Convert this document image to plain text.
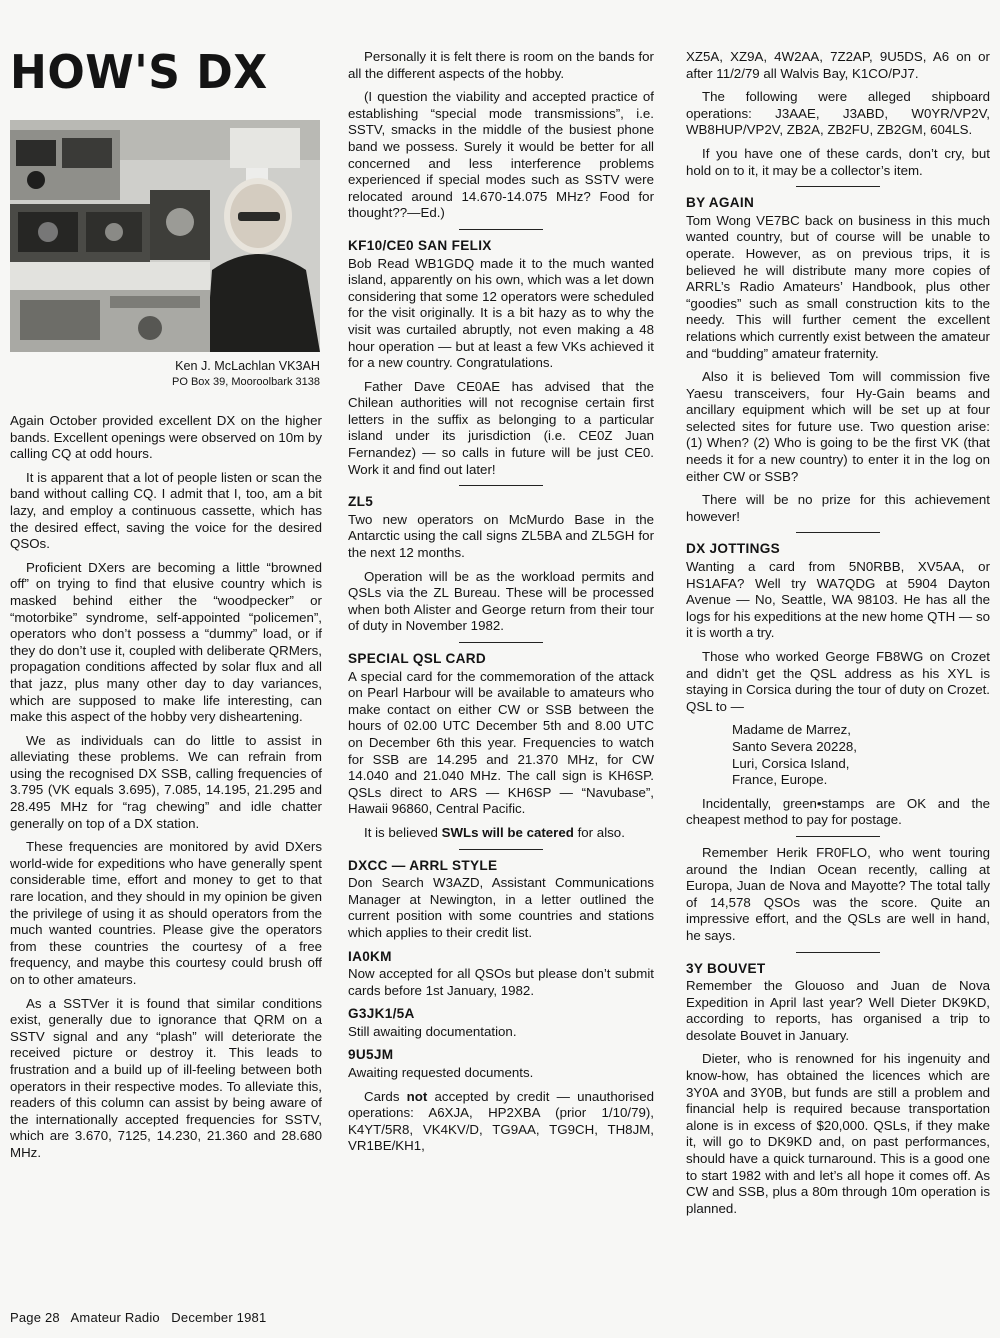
HOW'S DX
Ken J. McLachlan VK3AH
PO Box 39, Mooroolbark 3138

Again October provided excellent DX on the higher bands. Excellent openings were observed on 10m by calling CQ at odd hours.

It is apparent that a lot of people listen or scan the band without calling CQ. I admit that I, too, am a bit lazy, and employ a continuous cassette, which has the desired effect, saving the voice for the desired QSOs.

Proficient DXers are becoming a little “browned off” on trying to find that elusive country which is masked behind either the “woodpecker” or “motorbike” syndrome, self-appointed “policemen”, operators who don’t possess a “dummy” load, or if they do don’t use it, coupled with deliberate QRMers, propagation conditions affected by solar flux and all that jazz, plus many other day to day variances, which are supposed to make life interesting, can make this aspect of the hobby very disheartening.

We as individuals can do little to assist in alleviating these problems. We can refrain from using the recognised DX SSB, calling frequencies of 3.795 (VK equals 3.695), 7.085, 14.195, 21.295 and 28.495 MHz for “rag chewing” and idle chatter generally on top of a DX station.

These frequencies are monitored by avid DXers world-wide for expeditions who have generally spent considerable time, effort and money to get to that rare location, and they should in my opinion be given the privilege of using it as should operators from the much wanted countries. Please give the operators from these countries the courtesy of a free frequency, and maybe this courtesy could brush off on to other amateurs.

As a SSTVer it is found that similar conditions exist, generally due to ignorance that QRM on a SSTV signal and any “plash” will deteriorate the received picture or destroy it. This leads to frustration and a build up of ill-feeling between both operators in their respective modes. To alleviate this, readers of this column can assist by being aware of the internationally accepted frequencies for SSTV, which are 3.670, 7125, 14.230, 21.360 and 28.680 MHz.

Personally it is felt there is room on the bands for all the different aspects of the hobby.

(I question the viability and accepted practice of establishing “special mode transmissions”, i.e. SSTV, smacks in the middle of the busiest phone band we possess. Surely it would be better for all concerned and less interference problems experienced if special modes such as SSTV were relocated around 14.670-14.075 MHz? Food for thought??—Ed.)

KF10/CE0 SAN FELIX

Bob Read WB1GDQ made it to the much wanted island, apparently on his own, which was a let down considering that some 12 operators were scheduled for the visit originally. It is a bit hazy as to why the visit was curtailed abruptly, not even making a 48 hour operation — but at least a few VKs achieved it for a new country. Congratulations.

Father Dave CE0AE has advised that the Chilean authorities will not recognise certain first letters in the suffix as belonging to a particular island under its jurisdiction (i.e. CE0Z Juan Fernandez) — so calls in future will be just CE0. Work it and find out later!

ZL5

Two new operators on McMurdo Base in the Antarctic using the call signs ZL5BA and ZL5GH for the next 12 months.

Operation will be as the workload permits and QSLs via the ZL Bureau. These will be processed when both Alister and George return from their tour of duty in November 1982.

SPECIAL QSL CARD

A special card for the commemoration of the attack on Pearl Harbour will be available to amateurs who make contact on either CW or SSB between the hours of 02.00 UTC December 5th and 8.00 UTC on December 6th this year. Frequencies to watch for SSB are 14.295 and 21.370 MHz, for CW 14.040 and 21.040 MHz. The call sign is KH6SP. QSLs direct to ARS — KH6SP — “Navubase”, Hawaii 96860, Central Pacific.

It is believed SWLs will be catered for also.

DXCC — ARRL STYLE

Don Search W3AZD, Assistant Communications Manager at Newington, in a letter outlined the current position with some countries and stations which applies to their credit list.

IA0KM

Now accepted for all QSOs but please don’t submit cards before 1st January, 1982.

G3JK1/5A

Still awaiting documentation.

9U5JM

Awaiting requested documents.

Cards not accepted by credit — unauthorised operations: A6XJA, HP2XBA (prior 1/10/79), K4YT/5R8, VK4KV/D, TG9AA, TG9CH, TH8JM, VR1BE/KH1,

XZ5A, XZ9A, 4W2AA, 7Z2AP, 9U5DS, A6 on or after 11/2/79 all Walvis Bay, K1CO/PJ7.

The following were alleged shipboard operations: J3AAE, J3ABD, W0YR/VP2V, WB8HUP/VP2V, ZB2A, ZB2FU, ZB2GM, 604LS.

If you have one of these cards, don’t cry, but hold on to it, it may be a collector’s item.

BY AGAIN

Tom Wong VE7BC back on business in this much wanted country, but of course will be unable to operate. However, as on previous trips, it is believed he will distribute many more copies of ARRL’s Radio Amateurs’ Handbook, plus other “goodies” such as small construction kits to the needy. This will further cement the excellent relations which currently exist between the amateur and “budding” amateur fraternity.

Also it is believed Tom will commission five Yaesu transceivers, four Hy-Gain beams and ancillary equipment which will be set up at four selected sites for future use. Two question arise: (1) When? (2) Who is going to be the first VK (that needs it for a new country) to enter it in the log on either CW or SSB?

There will be no prize for this achievement however!

DX JOTTINGS

Wanting a card from 5N0RBB, XV5AA, or HS1AFA? Well try WA7QDG at 5904 Dayton Avenue — No, Seattle, WA 98103. He has all the logs for his expeditions at the new home QTH — so it is worth a try.

Those who worked George FB8WG on Crozet and didn’t get the QSL address as his XYL is staying in Corsica during the tour of duty on Crozet. QSL to —

Madame de Marrez,
Santo Severa 20228,
Luri, Corsica Island,
France, Europe.

Incidentally, green•stamps are OK and the cheapest method to pay for postage.

Remember Herik FR0FLO, who went touring around the Indian Ocean recently, calling at Europa, Juan de Nova and Mayotte? The total tally of 14,578 QSOs was the score. Quite an impressive effort, and the QSLs are well in hand, he says.

3Y BOUVET

Remember the Glouoso and Juan de Nova Expedition in April last year? Well Dieter DK9KD, according to reports, has organised a trip to desolate Bouvet in January.

Dieter, who is renowned for his ingenuity and know-how, has obtained the licences which are 3Y0A and 3Y0B, but funds are still a problem and financial help is required because transportation alone is in excess of $20,000. QSLs, if they make it, will go to DK9KD and, on past performances, should have a quick turnaround. This is a good one to start 1982 with and let’s all hope it comes off. As CW and SSB, plus a 80m through 10m operation is planned.

Page 28   Amateur Radio   December 1981
